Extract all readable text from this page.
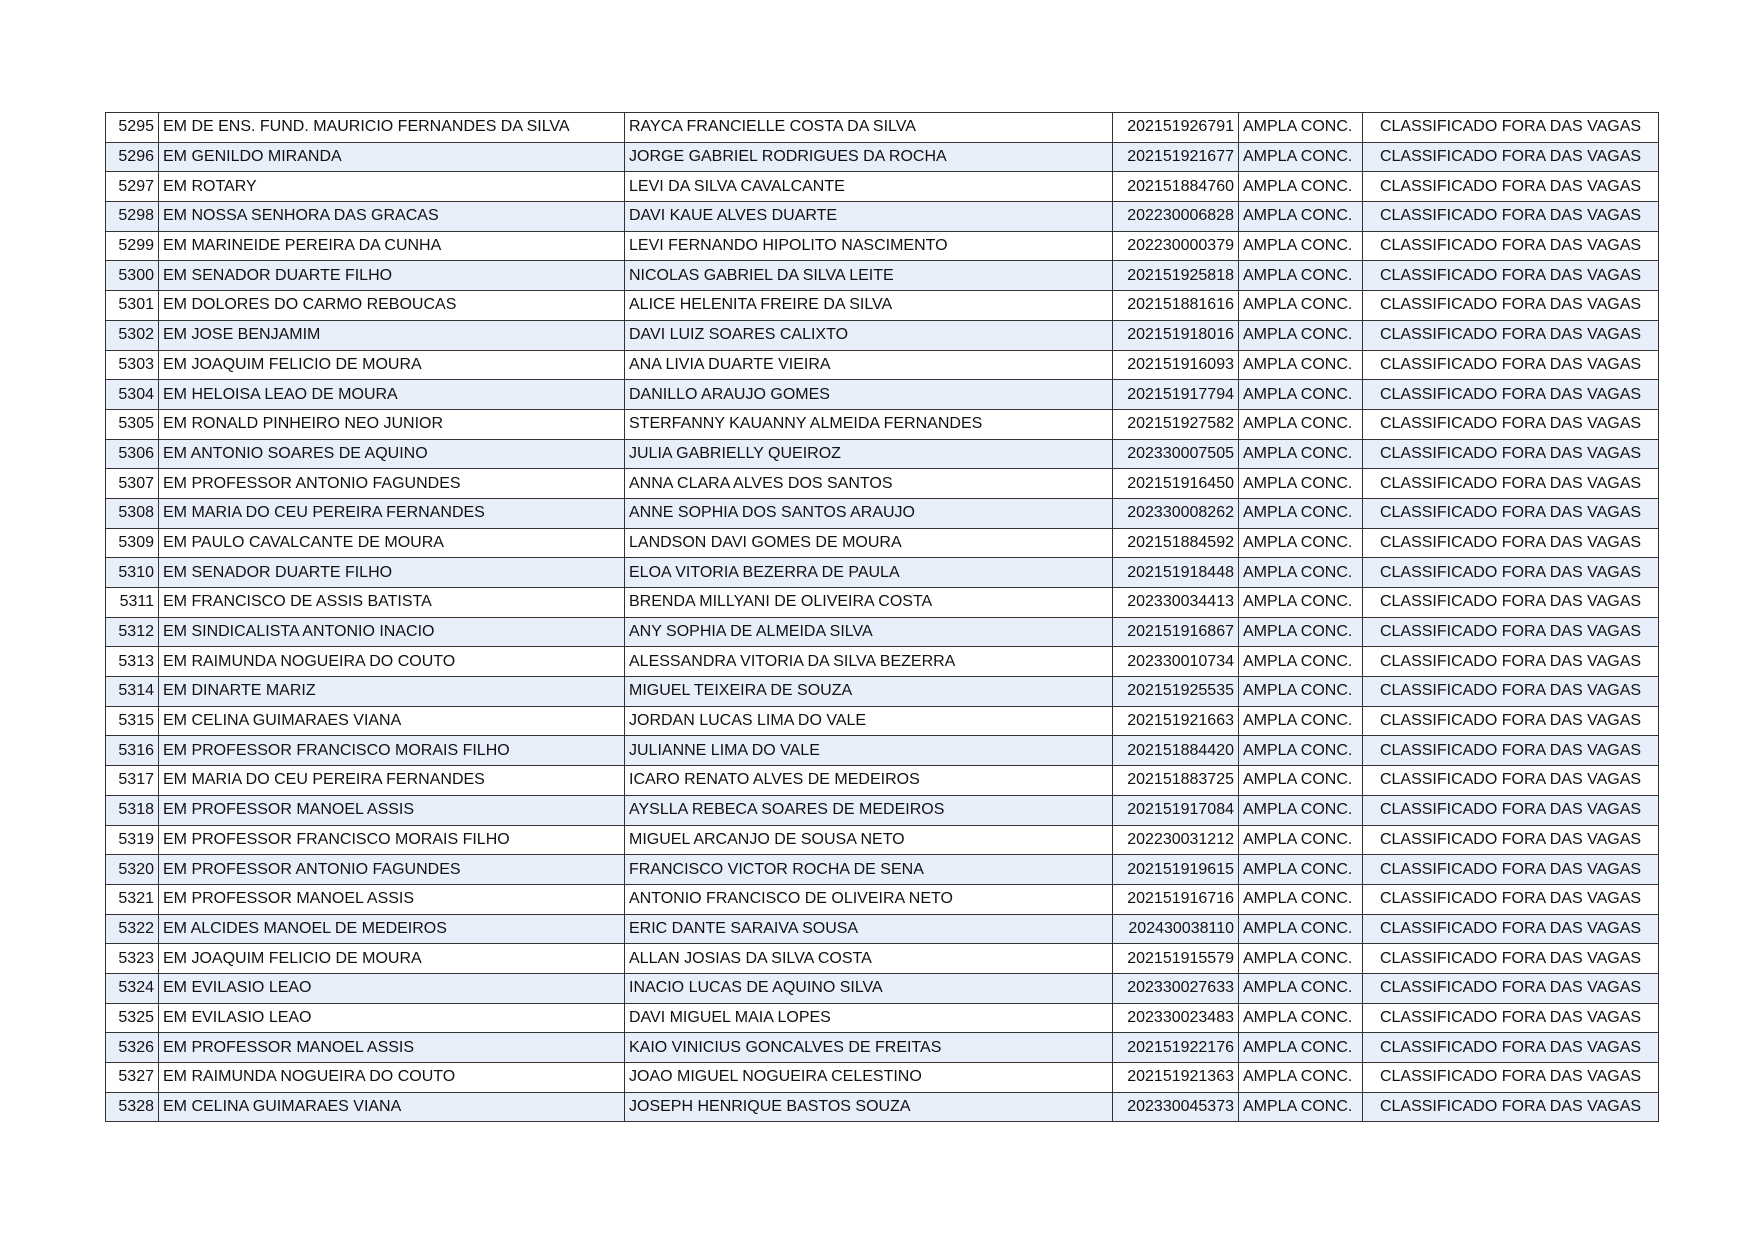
5295	EM DE ENS. FUND. MAURICIO FERNANDES DA SILVA	RAYCA FRANCIELLE COSTA DA SILVA	202151926791	AMPLA CONC.	CLASSIFICADO FORA DAS VAGAS
5296	EM GENILDO MIRANDA	JORGE GABRIEL RODRIGUES DA ROCHA	202151921677	AMPLA CONC.	CLASSIFICADO FORA DAS VAGAS
5297	EM ROTARY	LEVI DA SILVA CAVALCANTE	202151884760	AMPLA CONC.	CLASSIFICADO FORA DAS VAGAS
5298	EM NOSSA SENHORA DAS GRACAS	DAVI KAUE ALVES DUARTE	202230006828	AMPLA CONC.	CLASSIFICADO FORA DAS VAGAS
5299	EM MARINEIDE PEREIRA DA CUNHA	LEVI FERNANDO HIPOLITO NASCIMENTO	202230000379	AMPLA CONC.	CLASSIFICADO FORA DAS VAGAS
5300	EM SENADOR DUARTE FILHO	NICOLAS GABRIEL DA SILVA LEITE	202151925818	AMPLA CONC.	CLASSIFICADO FORA DAS VAGAS
5301	EM DOLORES DO CARMO REBOUCAS	ALICE HELENITA FREIRE DA SILVA	202151881616	AMPLA CONC.	CLASSIFICADO FORA DAS VAGAS
5302	EM JOSE BENJAMIM	DAVI LUIZ SOARES CALIXTO	202151918016	AMPLA CONC.	CLASSIFICADO FORA DAS VAGAS
5303	EM JOAQUIM FELICIO DE MOURA	ANA LIVIA DUARTE VIEIRA	202151916093	AMPLA CONC.	CLASSIFICADO FORA DAS VAGAS
5304	EM HELOISA LEAO DE MOURA	DANILLO ARAUJO GOMES	202151917794	AMPLA CONC.	CLASSIFICADO FORA DAS VAGAS
5305	EM RONALD PINHEIRO NEO JUNIOR	STERFANNY KAUANNY ALMEIDA FERNANDES	202151927582	AMPLA CONC.	CLASSIFICADO FORA DAS VAGAS
5306	EM ANTONIO SOARES DE AQUINO	JULIA GABRIELLY QUEIROZ	202330007505	AMPLA CONC.	CLASSIFICADO FORA DAS VAGAS
5307	EM PROFESSOR ANTONIO FAGUNDES	ANNA CLARA ALVES DOS SANTOS	202151916450	AMPLA CONC.	CLASSIFICADO FORA DAS VAGAS
5308	EM MARIA DO CEU PEREIRA FERNANDES	ANNE SOPHIA DOS SANTOS ARAUJO	202330008262	AMPLA CONC.	CLASSIFICADO FORA DAS VAGAS
5309	EM PAULO CAVALCANTE DE MOURA	LANDSON DAVI GOMES DE MOURA	202151884592	AMPLA CONC.	CLASSIFICADO FORA DAS VAGAS
5310	EM SENADOR DUARTE FILHO	ELOA VITORIA BEZERRA DE PAULA	202151918448	AMPLA CONC.	CLASSIFICADO FORA DAS VAGAS
5311	EM FRANCISCO DE ASSIS BATISTA	BRENDA MILLYANI DE OLIVEIRA COSTA	202330034413	AMPLA CONC.	CLASSIFICADO FORA DAS VAGAS
5312	EM SINDICALISTA ANTONIO INACIO	ANY SOPHIA DE ALMEIDA SILVA	202151916867	AMPLA CONC.	CLASSIFICADO FORA DAS VAGAS
5313	EM RAIMUNDA NOGUEIRA DO COUTO	ALESSANDRA VITORIA DA SILVA BEZERRA	202330010734	AMPLA CONC.	CLASSIFICADO FORA DAS VAGAS
5314	EM DINARTE MARIZ	MIGUEL TEIXEIRA DE SOUZA	202151925535	AMPLA CONC.	CLASSIFICADO FORA DAS VAGAS
5315	EM CELINA GUIMARAES VIANA	JORDAN LUCAS LIMA DO VALE	202151921663	AMPLA CONC.	CLASSIFICADO FORA DAS VAGAS
5316	EM PROFESSOR FRANCISCO MORAIS FILHO	JULIANNE LIMA DO VALE	202151884420	AMPLA CONC.	CLASSIFICADO FORA DAS VAGAS
5317	EM MARIA DO CEU PEREIRA FERNANDES	ICARO RENATO ALVES DE MEDEIROS	202151883725	AMPLA CONC.	CLASSIFICADO FORA DAS VAGAS
5318	EM PROFESSOR MANOEL ASSIS	AYSLLA REBECA SOARES DE MEDEIROS	202151917084	AMPLA CONC.	CLASSIFICADO FORA DAS VAGAS
5319	EM PROFESSOR FRANCISCO MORAIS FILHO	MIGUEL ARCANJO DE SOUSA NETO	202230031212	AMPLA CONC.	CLASSIFICADO FORA DAS VAGAS
5320	EM PROFESSOR ANTONIO FAGUNDES	FRANCISCO VICTOR ROCHA DE SENA	202151919615	AMPLA CONC.	CLASSIFICADO FORA DAS VAGAS
5321	EM PROFESSOR MANOEL ASSIS	ANTONIO FRANCISCO DE OLIVEIRA NETO	202151916716	AMPLA CONC.	CLASSIFICADO FORA DAS VAGAS
5322	EM ALCIDES MANOEL DE MEDEIROS	ERIC DANTE SARAIVA SOUSA	202430038110	AMPLA CONC.	CLASSIFICADO FORA DAS VAGAS
5323	EM JOAQUIM FELICIO DE MOURA	ALLAN JOSIAS DA SILVA COSTA	202151915579	AMPLA CONC.	CLASSIFICADO FORA DAS VAGAS
5324	EM EVILASIO LEAO	INACIO LUCAS DE AQUINO SILVA	202330027633	AMPLA CONC.	CLASSIFICADO FORA DAS VAGAS
5325	EM EVILASIO LEAO	DAVI MIGUEL MAIA LOPES	202330023483	AMPLA CONC.	CLASSIFICADO FORA DAS VAGAS
5326	EM PROFESSOR MANOEL ASSIS	KAIO VINICIUS GONCALVES DE FREITAS	202151922176	AMPLA CONC.	CLASSIFICADO FORA DAS VAGAS
5327	EM RAIMUNDA NOGUEIRA DO COUTO	JOAO MIGUEL NOGUEIRA CELESTINO	202151921363	AMPLA CONC.	CLASSIFICADO FORA DAS VAGAS
5328	EM CELINA GUIMARAES VIANA	JOSEPH HENRIQUE BASTOS SOUZA	202330045373	AMPLA CONC.	CLASSIFICADO FORA DAS VAGAS
